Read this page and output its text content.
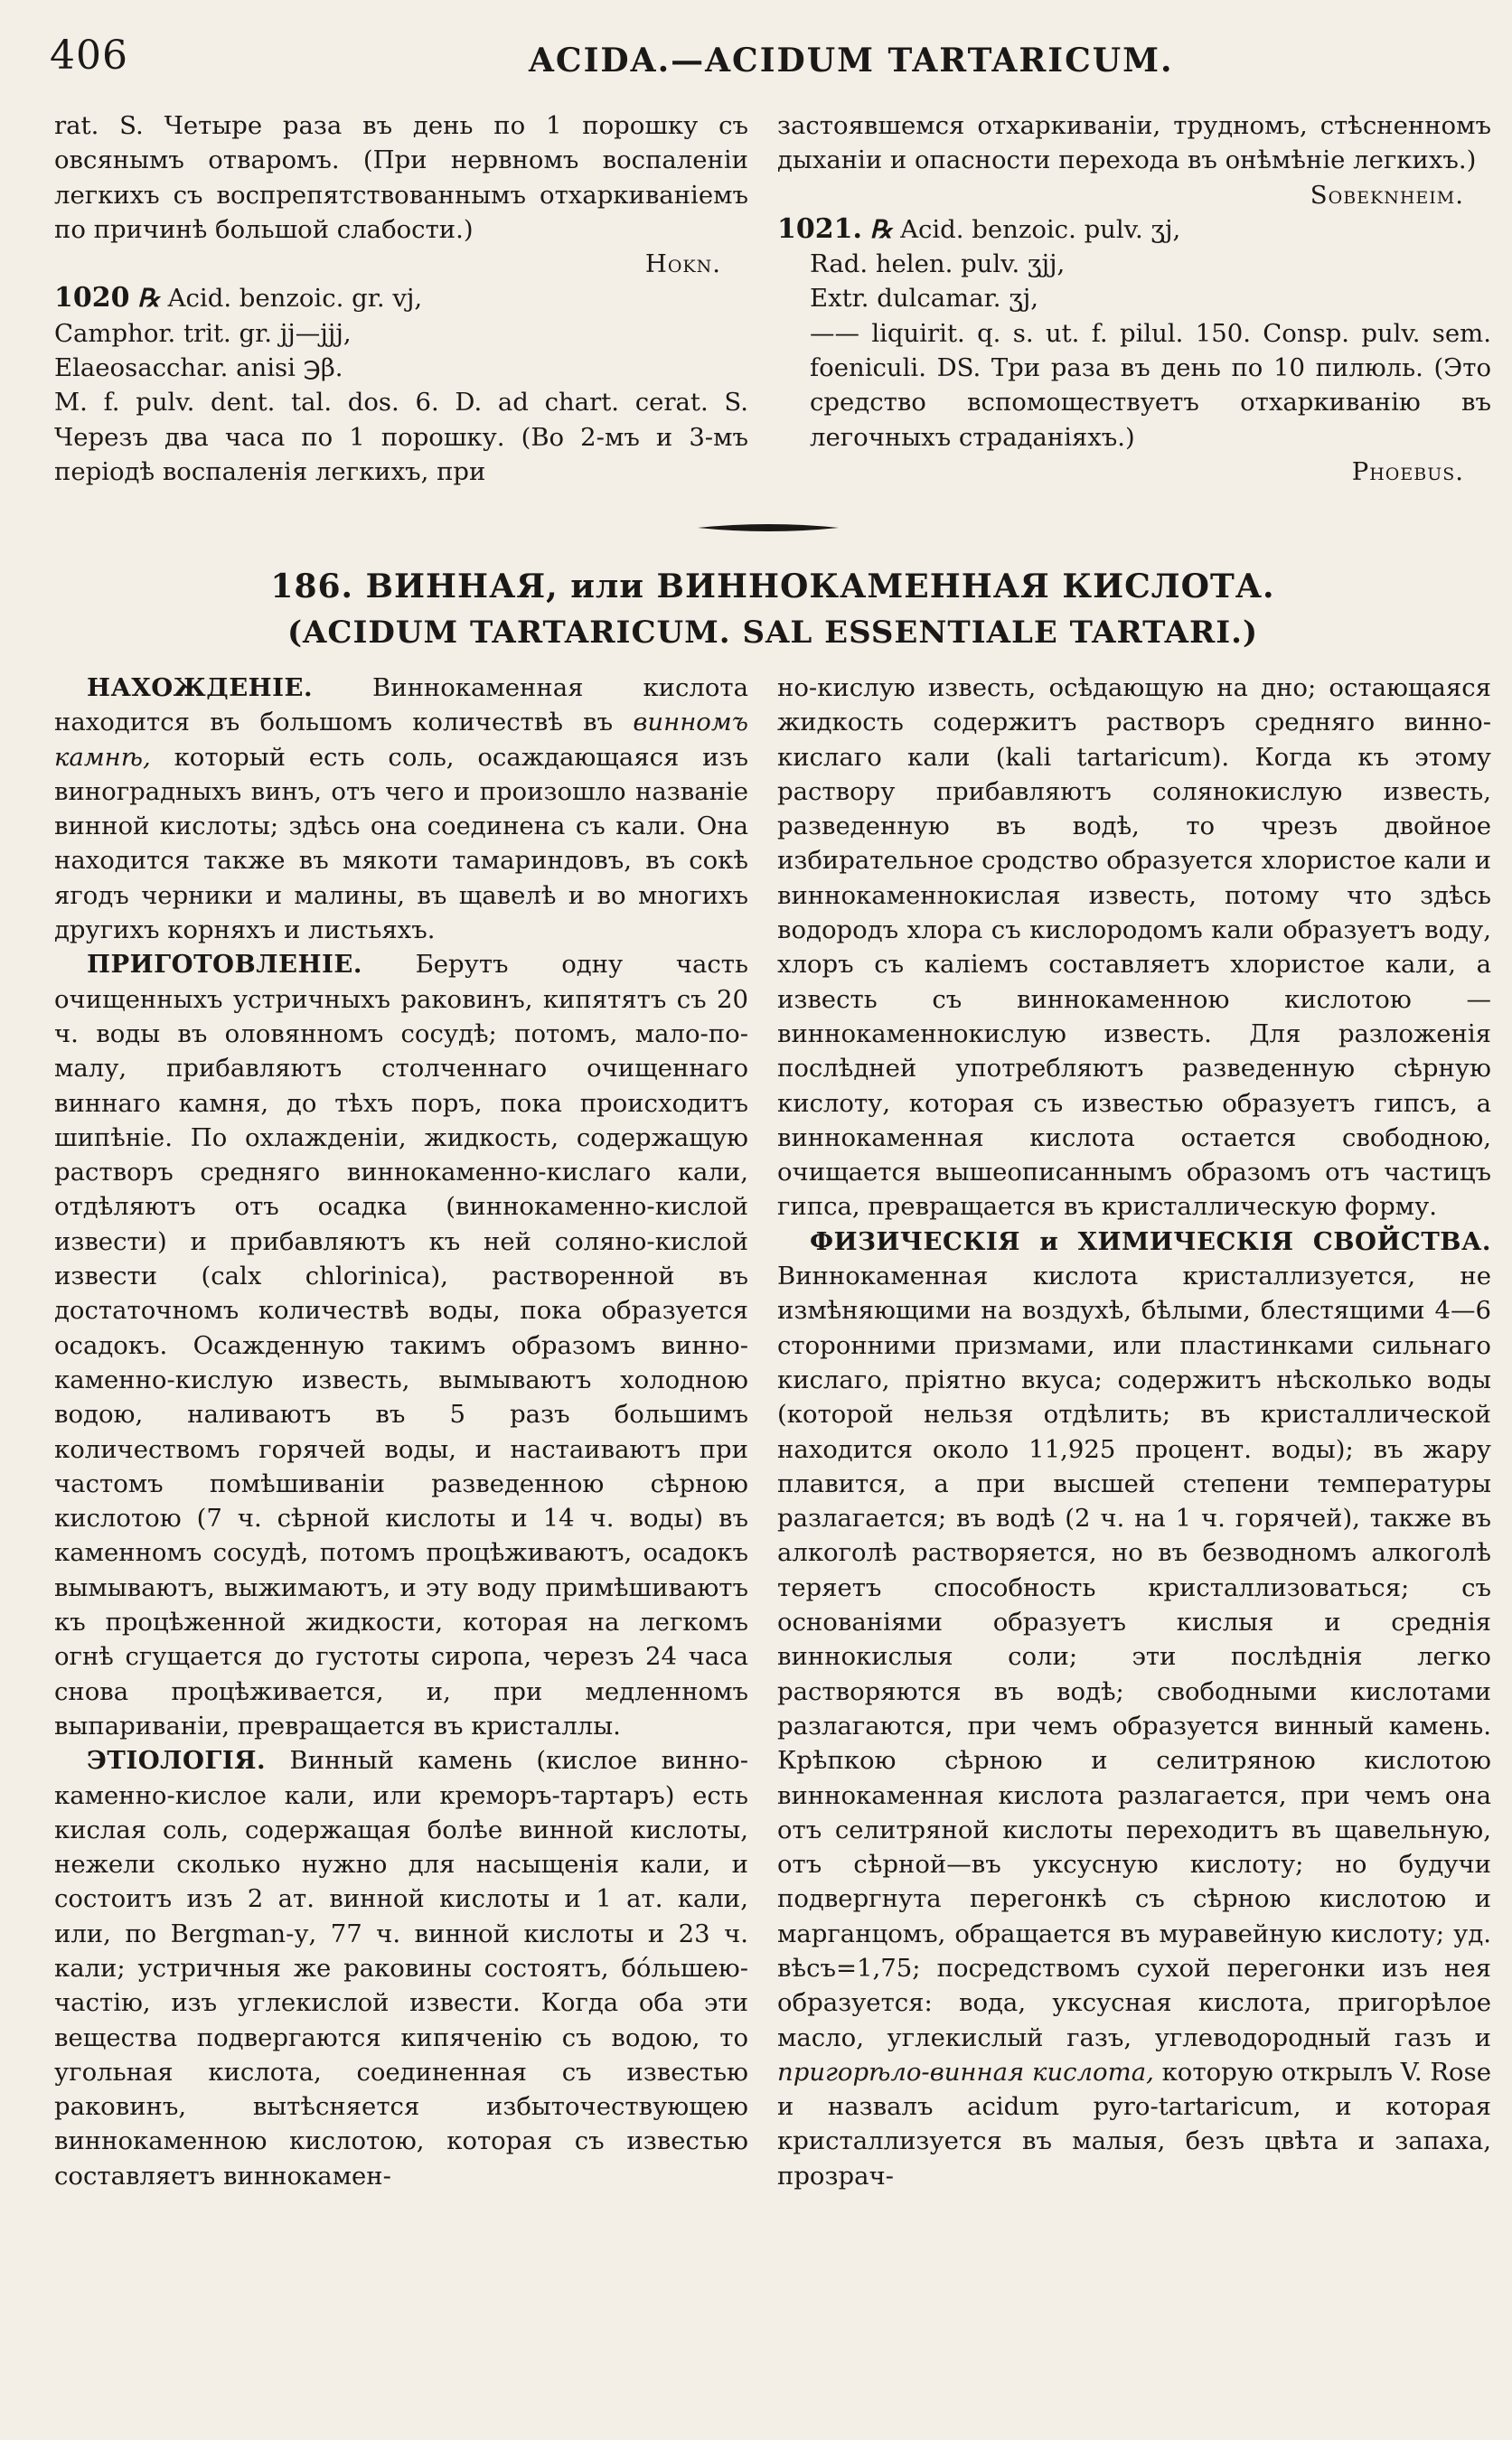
406	ACIDA.—ACIDUM TARTARICUM.

rat. S. Четыре раза въ день по 1 порошку съ овсянымъ отваромъ. (При нервномъ воспаленіи легкихъ съ воспрепятствованнымъ отхаркиваніемъ по причинѣ большой слабости.)

Hokn.

1020 ℞ Acid. benzoic. gr. vj,

Camphor. trit. gr. jj—jjj,

Elaeosacchar. anisi ℈β.

M. f. pulv. dent. tal. dos. 6. D. ad chart. cerat. S. Черезъ два часа по 1 порошку. (Во 2-мъ и 3-мъ періодѣ воспаленія легкихъ, при

застоявшемся отхаркиваніи, трудномъ, стѣсненномъ дыханіи и опасности перехода въ онѣмѣніе легкихъ.)

Sobeknheim.

1021. ℞ Acid. benzoic. pulv. ʒj,

Rad. helen. pulv. ʒjj,

Extr. dulcamar. ʒj,

—— liquirit. q. s. ut. f. pilul. 150. Consp. pulv. sem. foeniculi. DS. Три раза въ день по 10 пилюль. (Это средство вспомоществуетъ отхаркиванію въ легочныхъ страданіяхъ.)

Phoebus.

186. ВИННАЯ, или ВИННОКАМЕННАЯ КИСЛОТА.
(ACIDUM TARTARICUM. SAL ESSENTIALE TARTARI.)

НАХОЖДЕНІЕ. Виннокаменная кислота находится въ большомъ количествѣ въ винномъ камнѣ, который есть соль, осаждающаяся изъ виноградныхъ винъ, отъ чего и произошло названіе винной кислоты; здѣсь она соединена съ кали. Она находится также въ мякоти тамариндовъ, въ сокѣ ягодъ черники и малины, въ щавелѣ и во многихъ другихъ корняхъ и листьяхъ.

ПРИГОТОВЛЕНІЕ. Берутъ одну часть очищенныхъ устричныхъ раковинъ, кипятятъ съ 20 ч. воды въ оловянномъ сосудѣ; потомъ, мало-по-малу, прибавляютъ столченнаго очищеннаго виннаго камня, до тѣхъ поръ, пока происходитъ шипѣніе. По охлажденіи, жидкость, содержащую растворъ средняго виннокаменно-кислаго кали, отдѣляютъ отъ осадка (виннокаменно-кислой извести) и прибавляютъ къ ней соляно-кислой извести (calx chlorinica), растворенной въ достаточномъ количествѣ воды, пока образуется осадокъ. Осажденную такимъ образомъ винно-каменно-кислую известь, вымываютъ холодною водою, наливаютъ въ 5 разъ большимъ количествомъ горячей воды, и настаиваютъ при частомъ помѣшиваніи разведенною сѣрною кислотою (7 ч. сѣрной кислоты и 14 ч. воды) въ каменномъ сосудѣ, потомъ процѣживаютъ, осадокъ вымываютъ, выжимаютъ, и эту воду примѣшиваютъ къ процѣженной жидкости, которая на легкомъ огнѣ сгущается до густоты сиропа, черезъ 24 часа снова процѣживается, и, при медленномъ выпариваніи, превращается въ кристаллы.

ЭТІОЛОГІЯ. Винный камень (кислое винно-каменно-кислое кали, или креморъ-тартаръ) есть кислая соль, содержащая болѣе винной кислоты, нежели сколько нужно для насыщенія кали, и состоитъ изъ 2 ат. винной кислоты и 1 ат. кали, или, по Bergman-у, 77 ч. винной кислоты и 23 ч. кали; устричныя же раковины состоятъ, бо́льшею-частію, изъ углекислой извести. Когда оба эти вещества подвергаются кипяченію съ водою, то угольная кислота, соединенная съ известью раковинъ, вытѣсняется избыточествующею виннокаменною кислотою, которая съ известью составляетъ виннокамен-

но-кислую известь, осѣдающую на дно; остающаяся жидкость содержитъ растворъ средняго винно-кислаго кали (kali tartaricum). Когда къ этому раствору прибавляютъ солянокислую известь, разведенную въ водѣ, то чрезъ двойное избирательное сродство образуется хлористое кали и виннокаменнокислая известь, потому что здѣсь водородъ хлора съ кислородомъ кали образуетъ воду, хлоръ съ каліемъ составляетъ хлористое кали, а известь съ виннокаменною кислотою — виннокаменнокислую известь. Для разложенія послѣдней употребляютъ разведенную сѣрную кислоту, которая съ известью образуетъ гипсъ, а виннокаменная кислота остается свободною, очищается вышеописаннымъ образомъ отъ частицъ гипса, превращается въ кристаллическую форму.

ФИЗИЧЕСКІЯ и ХИМИЧЕСКІЯ СВОЙСТВА. Виннокаменная кислота кристаллизуется, не измѣняющими на воздухѣ, бѣлыми, блестящими 4—6 сторонними призмами, или пластинками сильнаго кислаго, пріятно вкуса; содержитъ нѣсколько воды (которой нельзя отдѣлить; въ кристаллической находится около 11,925 процент. воды); въ жару плавится, а при высшей степени температуры разлагается; въ водѣ (2 ч. на 1 ч. горячей), также въ алкоголѣ растворяется, но въ безводномъ алкоголѣ теряетъ способность кристаллизоваться; съ основаніями образуетъ кислыя и среднія виннокислыя соли; эти послѣднія легко растворяются въ водѣ; свободными кислотами разлагаются, при чемъ образуется винный камень. Крѣпкою сѣрною и селитряною кислотою виннокаменная кислота разлагается, при чемъ она отъ селитряной кислоты переходитъ въ щавельную, отъ сѣрной—въ уксусную кислоту; но будучи подвергнута перегонкѣ съ сѣрною кислотою и марганцомъ, обращается въ муравейную кислоту; уд. вѣсъ=1,75; посредствомъ сухой перегонки изъ нея образуется: вода, уксусная кислота, пригорѣлое масло, углекислый газъ, углеводородный газъ и пригорѣло-винная кислота, которую открылъ V. Rose и назвалъ acidum pyro-tartaricum, и которая кристаллизуется въ малыя, безъ цвѣта и запаха, прозрач-
